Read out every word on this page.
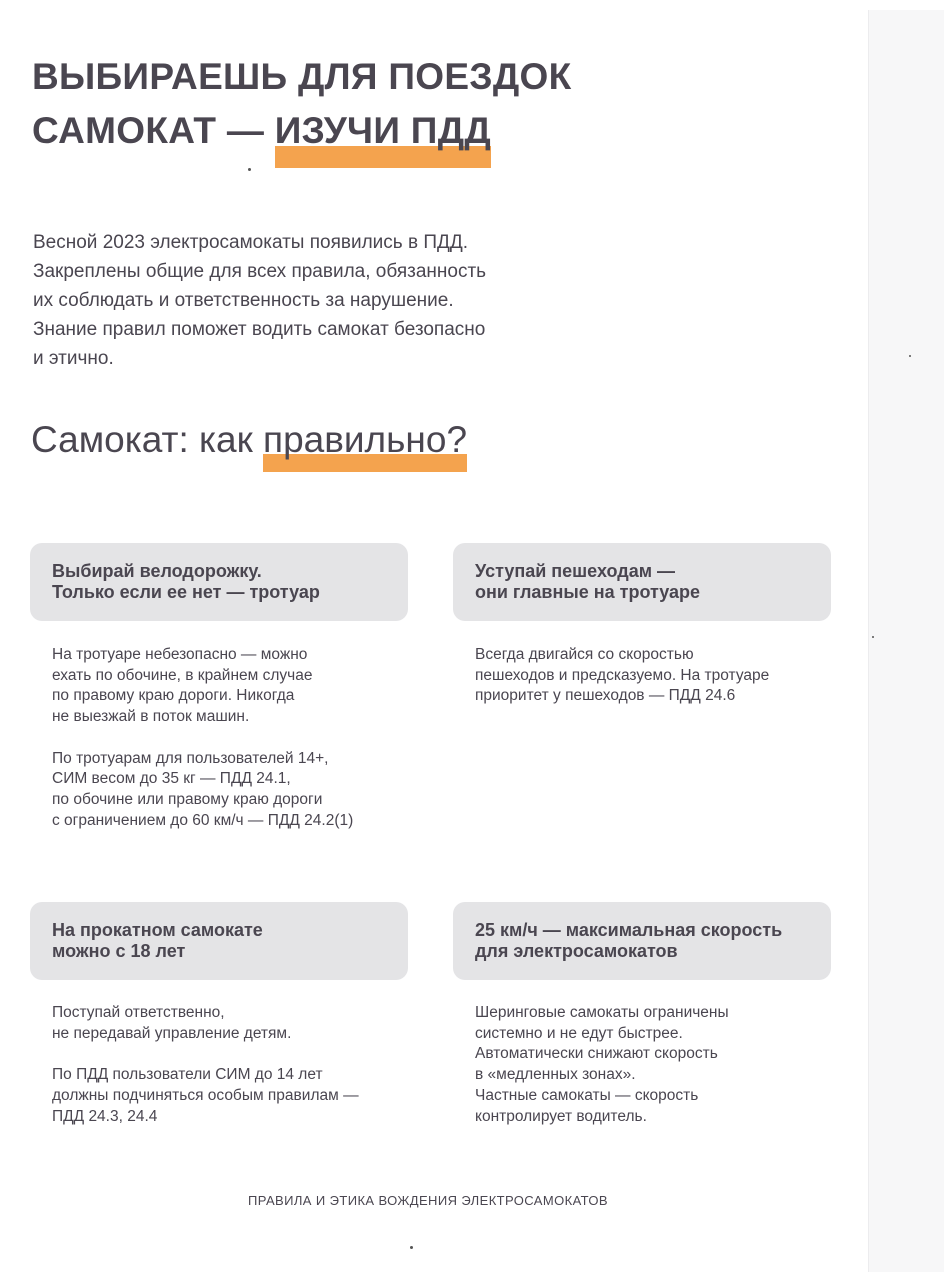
ВЫБИРАЕШЬ ДЛЯ ПОЕЗДОК
САМОКАТ — ИЗУЧИ ПДД

Весной 2023 электросамокаты появились в ПДД.
Закреплены общие для всех правила, обязанность
их соблюдать и ответственность за нарушение.
Знание правил поможет водить самокат безопасно
и этично.

Самокат: как правильно?
Выбирай велодорожку.
Только если ее нет — тротуар

На тротуаре небезопасно — можно
ехать по обочине, в крайнем случае
по правому краю дороги. Никогда
не выезжай в поток машин.

По тротуарам для пользователей 14+,
СИМ весом до 35 кг — ПДД 24.1,
по обочине или правому краю дороги
с ограничением до 60 км/ч — ПДД 24.2(1)

Уступай пешеходам —
они главные на тротуаре

Всегда двигайся со скоростью
пешеходов и предсказуемо. На тротуаре
приоритет у пешеходов — ПДД 24.6

На прокатном самокате
можно с 18 лет

Поступай ответственно,
не передавай управление детям.

По ПДД пользователи СИМ до 14 лет
должны подчиняться особым правилам —
ПДД 24.3, 24.4

25 км/ч — максимальная скорость
для электросамокатов

Шеринговые самокаты ограничены
системно и не едут быстрее.
Автоматически снижают скорость
в «медленных зонах».
Частные самокаты — скорость
контролирует водитель.

ПРАВИЛА И ЭТИКА ВОЖДЕНИЯ ЭЛЕКТРОСАМОКАТОВ
